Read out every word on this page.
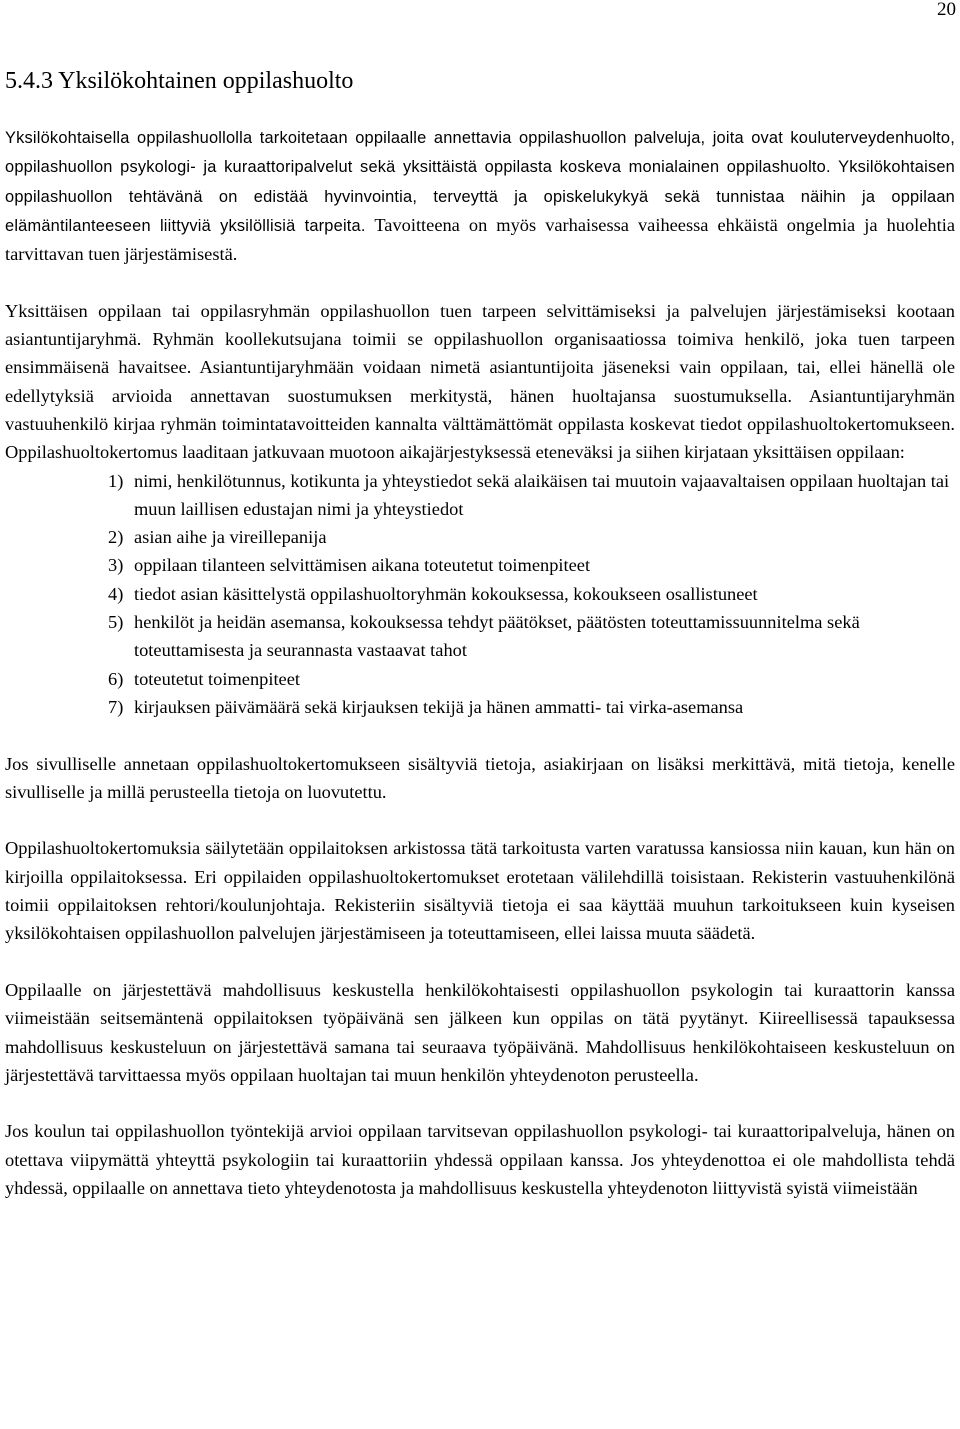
20
5.4.3 Yksilökohtainen oppilashuolto

Yksilökohtaisella oppilashuollolla tarkoitetaan oppilaalle annettavia oppilashuollon palveluja, joita ovat kouluterveydenhuolto, oppilashuollon psykologi- ja kuraattoripalvelut sekä yksittäistä oppilasta koskeva monialainen oppilashuolto. Yksilökohtaisen oppilashuollon tehtävänä on edistää hyvinvointia, terveyttä ja opiskelukykyä sekä tunnistaa näihin ja oppilaan elämäntilanteeseen liittyviä yksilöllisiä tarpeita. Tavoitteena on myös varhaisessa vaiheessa ehkäistä ongelmia ja huolehtia tarvittavan tuen järjestämisestä.

Yksittäisen oppilaan tai oppilasryhmän oppilashuollon tuen tarpeen selvittämiseksi ja palvelujen järjestämiseksi kootaan asiantuntijaryhmä. Ryhmän koollekutsujana toimii se oppilashuollon organisaatiossa toimiva henkilö, joka tuen tarpeen ensimmäisenä havaitsee. Asiantuntijaryhmään voidaan nimetä asiantuntijoita jäseneksi vain oppilaan, tai, ellei hänellä ole edellytyksiä arvioida annettavan suostumuksen merkitystä, hänen huoltajansa suostumuksella. Asiantuntijaryhmän vastuuhenkilö kirjaa ryhmän toimintatavoitteiden kannalta välttämättömät oppilasta koskevat tiedot oppilashuoltokertomukseen. Oppilashuoltokertomus laaditaan jatkuvaan muotoon aikajärjestyksessä eteneväksi ja siihen kirjataan yksittäisen oppilaan:

1) nimi, henkilötunnus, kotikunta ja yhteystiedot sekä alaikäisen tai muutoin vajaavaltaisen oppilaan huoltajan tai muun laillisen edustajan nimi ja yhteystiedot
2) asian aihe ja vireillepanija
3) oppilaan tilanteen selvittämisen aikana toteutetut toimenpiteet
4) tiedot asian käsittelystä oppilashuoltoryhmän kokouksessa, kokoukseen osallistuneet
5) henkilöt ja heidän asemansa, kokouksessa tehdyt päätökset, päätösten toteuttamissuunnitelma sekä toteuttamisesta ja seurannasta vastaavat tahot
6) toteutetut toimenpiteet
7) kirjauksen päivämäärä sekä kirjauksen tekijä ja hänen ammatti- tai virka-asemansa

Jos sivulliselle annetaan oppilashuoltokertomukseen sisältyviä tietoja, asiakirjaan on lisäksi merkittävä, mitä tietoja, kenelle sivulliselle ja millä perusteella tietoja on luovutettu.

Oppilashuoltokertomuksia säilytetään oppilaitoksen arkistossa tätä tarkoitusta varten varatussa kansiossa niin kauan, kun hän on kirjoilla oppilaitoksessa. Eri oppilaiden oppilashuoltokertomukset erotetaan välilehdillä toisistaan. Rekisterin vastuuhenkilönä toimii oppilaitoksen rehtori/koulunjohtaja. Rekisteriin sisältyviä tietoja ei saa käyttää muuhun tarkoitukseen kuin kyseisen yksilökohtaisen oppilashuollon palvelujen järjestämiseen ja toteuttamiseen, ellei laissa muuta säädetä.

Oppilaalle on järjestettävä mahdollisuus keskustella henkilökohtaisesti oppilashuollon psykologin tai kuraattorin kanssa viimeistään seitsemäntenä oppilaitoksen työpäivänä sen jälkeen kun oppilas on tätä pyytänyt. Kiireellisessä tapauksessa mahdollisuus keskusteluun on järjestettävä samana tai seuraava työpäivänä. Mahdollisuus henkilökohtaiseen keskusteluun on järjestettävä tarvittaessa myös oppilaan huoltajan tai muun henkilön yhteydenoton perusteella.

Jos koulun tai oppilashuollon työntekijä arvioi oppilaan tarvitsevan oppilashuollon psykologi- tai kuraattoripalveluja, hänen on otettava viipymättä yhteyttä psykologiin tai kuraattoriin yhdessä oppilaan kanssa. Jos yhteydenottoa ei ole mahdollista tehdä yhdessä, oppilaalle on annettava tieto yhteydenotosta ja mahdollisuus keskustella yhteydenoton liittyvistä syistä viimeistään
